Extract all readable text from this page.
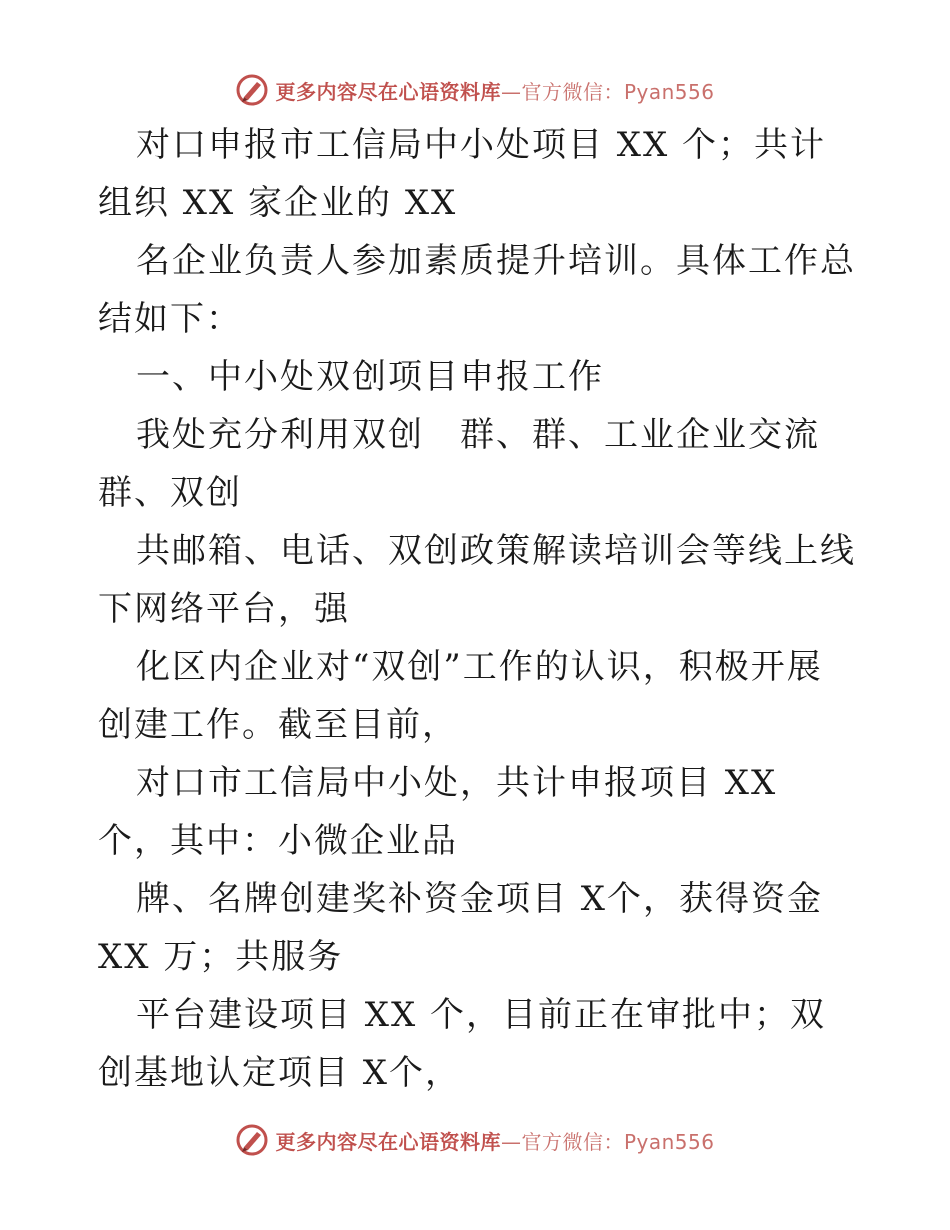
更多内容尽在心语资料库—官方微信：Pyan556

对口申报市工信局中小处项目 XX 个；共计组织 XX 家企业的 XX

名企业负责人参加素质提升培训。具体工作总结如下：

一、中小处双创项目申报工作

我处充分利用双创　群、群、工业企业交流群、双创

共邮箱、电话、双创政策解读培训会等线上线下网络平台，强

化区内企业对“双创”工作的认识，积极开展创建工作。截至目前，

对口市工信局中小处，共计申报项目 XX 个，其中：小微企业品

牌、名牌创建奖补资金项目 X个，获得资金 XX 万；共服务

平台建设项目 XX 个，目前正在审批中；双创基地认定项目 X个，

更多内容尽在心语资料库—官方微信：Pyan556
